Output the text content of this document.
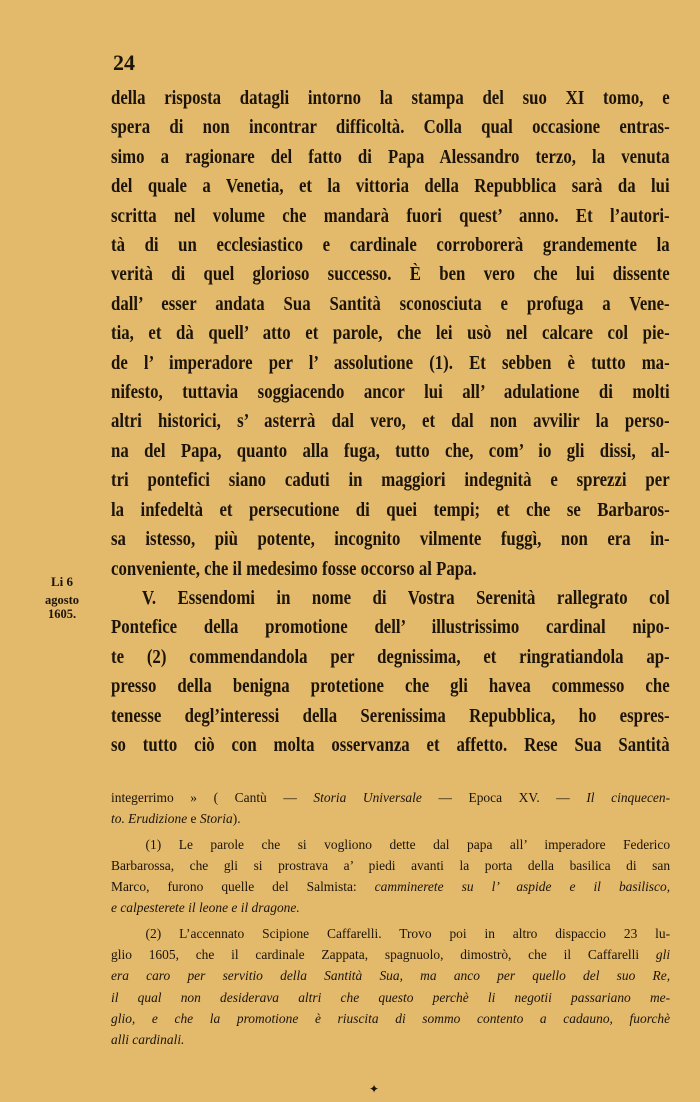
24
Li 6
agosto
1605.
della risposta datagli intorno la stampa del suo XI tomo, e
spera di non incontrar difficoltà. Colla qual occasione entras-
simo a ragionare del fatto di Papa Alessandro terzo, la venuta
del quale a Venetia, et la vittoria della Repubblica sarà da lui
scritta nel volume che mandarà fuori quest’ anno. Et l’autori-
tà di un ecclesiastico e cardinale corroborerà grandemente la
verità di quel glorioso successo. È ben vero che lui dissente
dall’ esser andata Sua Santità sconosciuta e profuga a Vene-
tia, et dà quell’ atto et parole, che lei usò nel calcare col pie-
de l’ imperadore per l’ assolutione (1). Et sebben è tutto ma-
nifesto, tuttavia soggiacendo ancor lui all’ adulatione di molti
altri historici, s’ asterrà dal vero, et dal non avvilir la perso-
na del Papa, quanto alla fuga, tutto che, com’ io gli dissi, al-
tri pontefici siano caduti in maggiori indegnità e sprezzi per
la infedeltà et persecutione di quei tempi; et che se Barbaros-
sa istesso, più potente, incognito vilmente fuggì, non era in-
conveniente, che il medesimo fosse occorso al Papa.
V. Essendomi in nome di Vostra Serenità rallegrato col
Pontefice della promotione dell’ illustrissimo cardinal nipo-
te (2) commendandola per degnissima, et ringratiandola ap-
presso della benigna protetione che gli havea commesso che
tenesse degl’interessi della Serenissima Repubblica, ho espres-
so tutto ciò con molta osservanza et affetto. Rese Sua Santità
integerrimo » ( Cantù — Storia Universale — Epoca XV. — Il cinquecen-
to. Erudizione e Storia).
(1) Le parole che si vogliono dette dal papa all’ imperadore Federico
Barbarossa, che gli si prostrava a’ piedi avanti la porta della basilica di san
Marco, furono quelle del Salmista: camminerete su l’ aspide e il basilisco,
e calpesterete il leone e il dragone.
(2) L’accennato Scipione Caffarelli. Trovo poi in altro dispaccio 23 lu-
glio 1605, che il cardinale Zappata, spagnuolo, dimostrò, che il Caffarelli gli
era caro per servitio della Santità Sua, ma anco per quello del suo Re,
il qual non desiderava altri che questo perchè li negotii passariano me-
glio, e che la promotione è riuscita di sommo contento a cadauno, fuorchè
alli cardinali.
✦
